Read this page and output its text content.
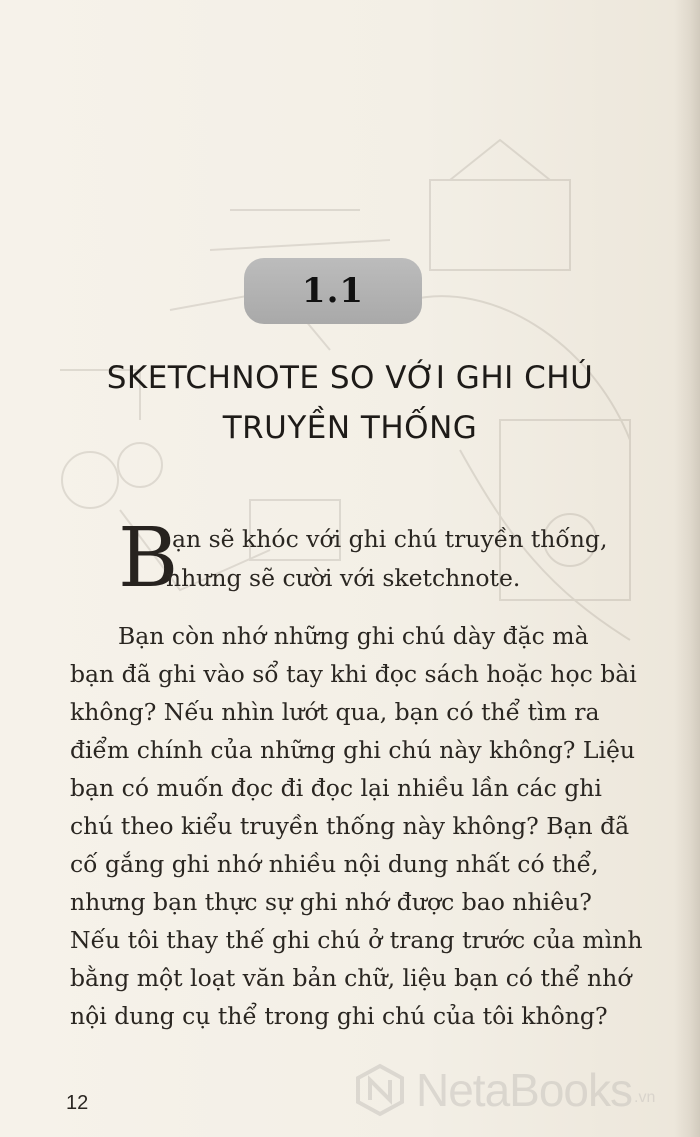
1.1
SKETCHNOTE SO VỚI GHI CHÚ
TRUYỀN THỐNG
B
ạn sẽ khóc với ghi chú truyền thống,
nhưng sẽ cười với sketchnote.
Bạn còn nhớ những ghi chú dày đặc mà
bạn đã ghi vào sổ tay khi đọc sách hoặc học bài
không? Nếu nhìn lướt qua, bạn có thể tìm ra
điểm chính của những ghi chú này không? Liệu
bạn có muốn đọc đi đọc lại nhiều lần các ghi
chú theo kiểu truyền thống này không? Bạn đã
cố gắng ghi nhớ nhiều nội dung nhất có thể,
nhưng bạn thực sự ghi nhớ được bao nhiêu?
Nếu tôi thay thế ghi chú ở trang trước của mình
bằng một loạt văn bản chữ, liệu bạn có thể nhớ
nội dung cụ thể trong ghi chú của tôi không?
12	NetaBooks .vn
